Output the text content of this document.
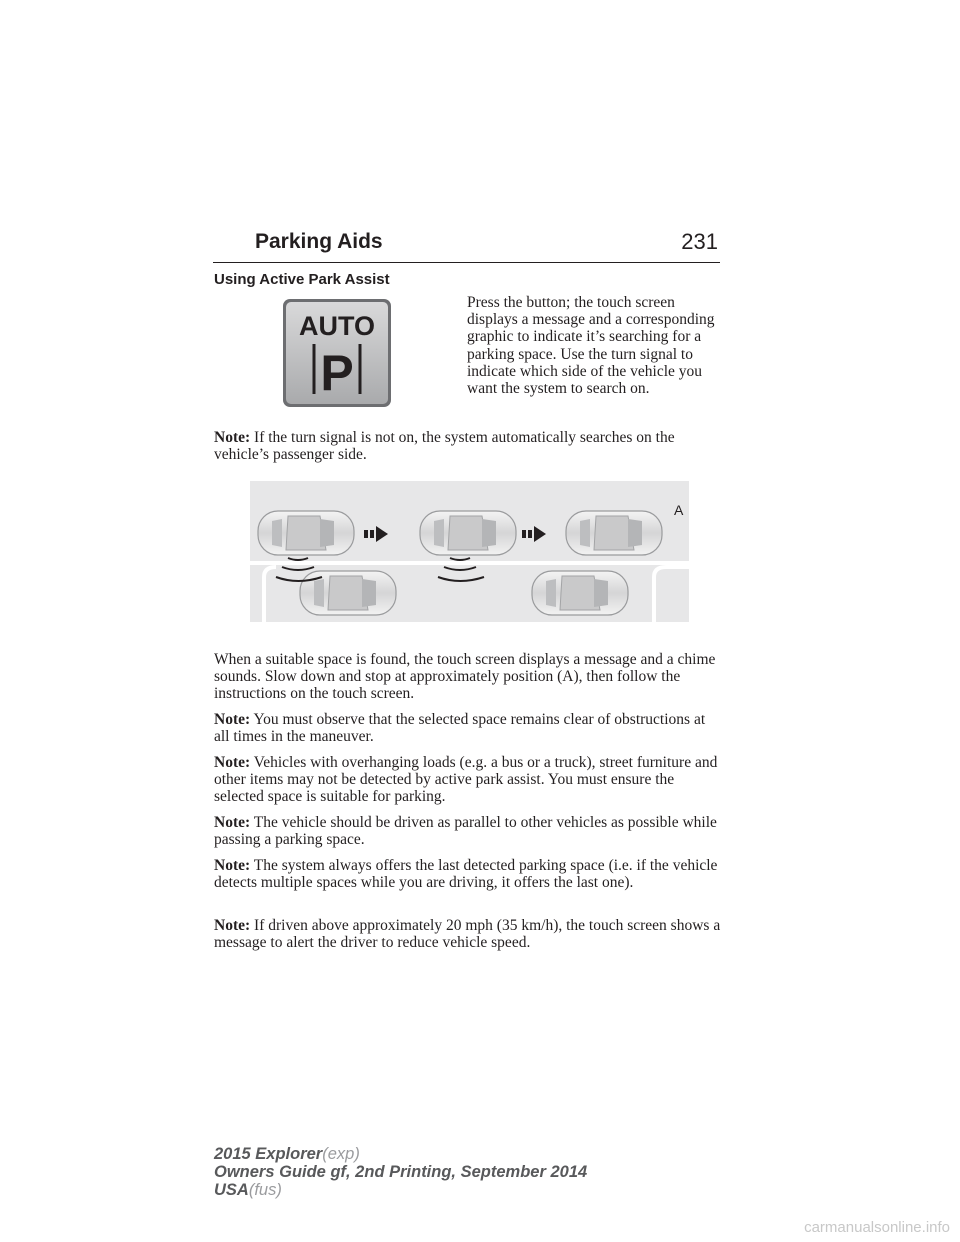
Parking Aids	231
Using Active Park Assist
AUTO
P
Press the button; the touch screen displays a message and a corresponding graphic to indicate it’s searching for a parking space. Use the turn signal to indicate which side of the vehicle you want the system to search on.
Note: If the turn signal is not on, the system automatically searches on the vehicle’s passenger side.
A
When a suitable space is found, the touch screen displays a message and a chime sounds. Slow down and stop at approximately position (A), then follow the instructions on the touch screen.
Note: You must observe that the selected space remains clear of obstructions at all times in the maneuver.
Note: Vehicles with overhanging loads (e.g. a bus or a truck), street furniture and other items may not be detected by active park assist. You must ensure the selected space is suitable for parking.
Note: The vehicle should be driven as parallel to other vehicles as possible while passing a parking space.
Note: The system always offers the last detected parking space (i.e. if the vehicle detects multiple spaces while you are driving, it offers the last one).
Note: If driven above approximately 20 mph (35 km/h), the touch screen shows a message to alert the driver to reduce vehicle speed.
2015 Explorer(exp)
Owners Guide gf, 2nd Printing, September 2014
USA(fus)
carmanualsonline.info
